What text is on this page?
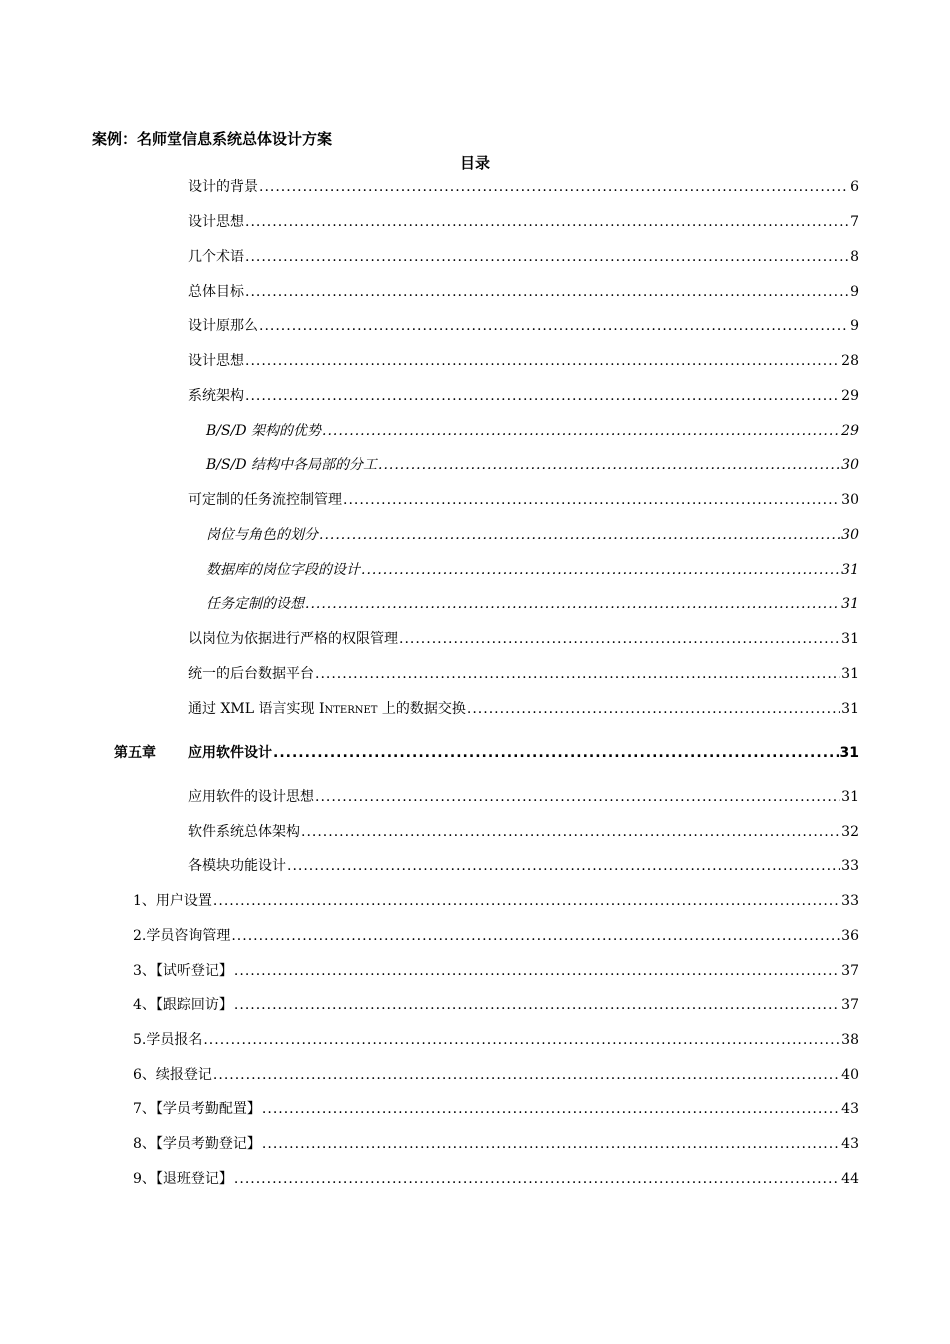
案例：名师堂信息系统总体设计方案
目录
设计的背景 .....	6
设计思想 .....	7
几个术语 .....	8
总体目标 .....	9
设计原那么 .....	9
设计思想 .....	28
系统架构 .....	29
B/S/D 架构的优势 .....	29
B/S/D 结构中各局部的分工 .....	30
可定制的任务流控制管理 .....	30
岗位与角色的划分 .....	30
数据库的岗位字段的设计 .....	31
任务定制的设想 .....	31
以岗位为依据进行严格的权限管理 .....	31
统一的后台数据平台 .....	31
通过 XML 语言实现 Internet 上的数据交换 .....	31
第五章 应用软件设计 .....	31
应用软件的设计思想 .....	31
软件系统总体架构 .....	32
各模块功能设计 .....	33
1、用户设置 .....	33
2.学员咨询管理 .....	36
3、【试听登记】 .....	37
4、【跟踪回访】 .....	37
5.学员报名 .....	38
6、续报登记 .....	40
7、【学员考勤配置】 .....	43
8、【学员考勤登记】 .....	43
9、【退班登记】 .....	44
